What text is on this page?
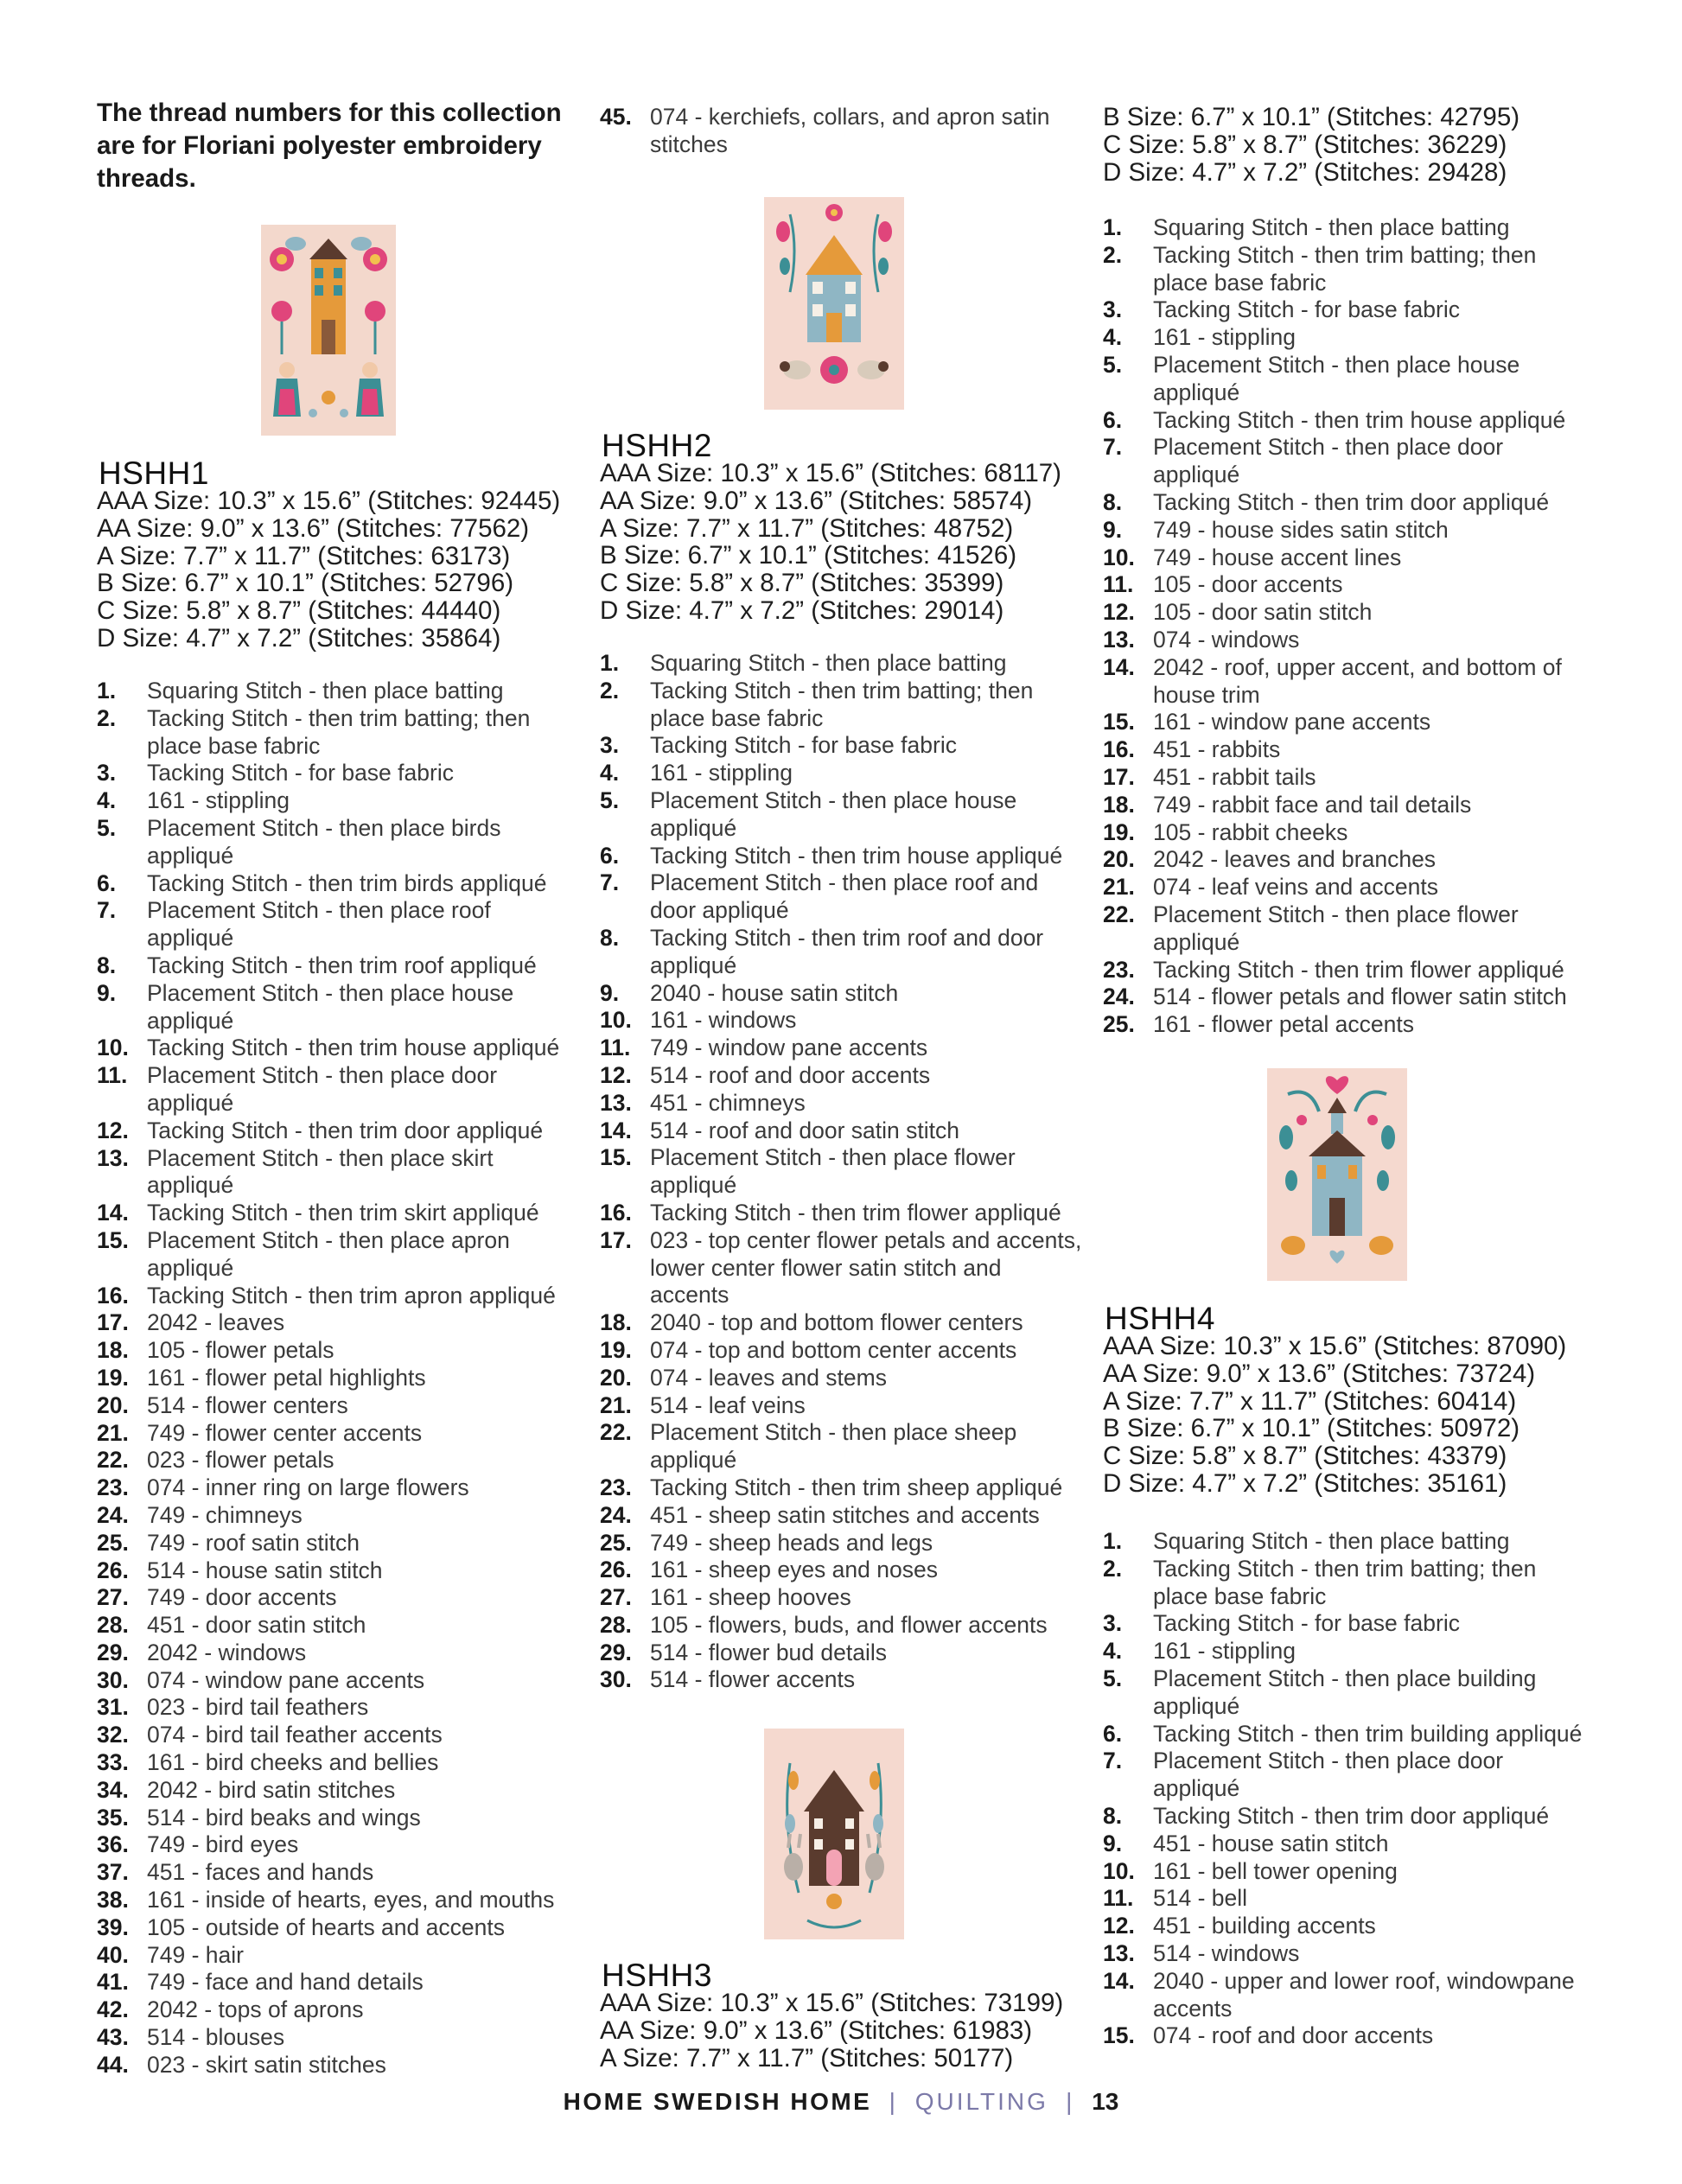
The thread numbers for this collection are for Floriani polyester embroidery threads.
HSHH1
AAA Size: 10.3” x 15.6” (Stitches: 92445)
AA Size: 9.0” x 13.6” (Stitches: 77562)
A Size: 7.7” x 11.7” (Stitches: 63173)
B Size: 6.7” x 10.1” (Stitches: 52796)
C Size: 5.8” x 8.7” (Stitches: 44440)
D Size: 4.7” x 7.2” (Stitches: 35864)
1. Squaring Stitch - then place batting
2. Tacking Stitch - then trim batting; then place base fabric
3. Tacking Stitch - for base fabric
4. 161 - stippling
5. Placement Stitch - then place birds appliqué
6. Tacking Stitch - then trim birds appliqué
7. Placement Stitch - then place roof appliqué
8. Tacking Stitch - then trim roof appliqué
9. Placement Stitch - then place house appliqué
10. Tacking Stitch - then trim house appliqué
11. Placement Stitch - then place door appliqué
12. Tacking Stitch - then trim door appliqué
13. Placement Stitch - then place skirt appliqué
14. Tacking Stitch - then trim skirt appliqué
15. Placement Stitch - then place apron appliqué
16. Tacking Stitch - then trim apron appliqué
17. 2042 - leaves
18. 105 - flower petals
19. 161 - flower petal highlights
20. 514 - flower centers
21. 749 - flower center accents
22. 023 - flower petals
23. 074 - inner ring on large flowers
24. 749 - chimneys
25. 749 - roof satin stitch
26. 514 - house satin stitch
27. 749 - door accents
28. 451 - door satin stitch
29. 2042 - windows
30. 074 - window pane accents
31. 023 - bird tail feathers
32. 074 - bird tail feather accents
33. 161 - bird cheeks and bellies
34. 2042 - bird satin stitches
35. 514 - bird beaks and wings
36. 749 - bird eyes
37. 451 - faces and hands
38. 161 - inside of hearts, eyes, and mouths
39. 105 - outside of hearts and accents
40. 749 - hair
41. 749 - face and hand details
42. 2042 - tops of aprons
43. 514 - blouses
44. 023 - skirt satin stitches
45. 074 - kerchiefs, collars, and apron satin stitches
HSHH2
AAA Size: 10.3” x 15.6” (Stitches: 68117)
AA Size: 9.0” x 13.6” (Stitches: 58574)
A Size: 7.7” x 11.7” (Stitches: 48752)
B Size: 6.7” x 10.1” (Stitches: 41526)
C Size: 5.8” x 8.7” (Stitches: 35399)
D Size: 4.7” x 7.2” (Stitches: 29014)
1. Squaring Stitch - then place batting
2. Tacking Stitch - then trim batting; then place base fabric
3. Tacking Stitch - for base fabric
4. 161 - stippling
5. Placement Stitch - then place house appliqué
6. Tacking Stitch - then trim house appliqué
7. Placement Stitch - then place roof and door appliqué
8. Tacking Stitch - then trim roof and door appliqué
9. 2040 - house satin stitch
10. 161 - windows
11. 749 - window pane accents
12. 514 - roof and door accents
13. 451 - chimneys
14. 514 - roof and door satin stitch
15. Placement Stitch - then place flower appliqué
16. Tacking Stitch - then trim flower appliqué
17. 023 - top center flower petals and accents, lower center flower satin stitch and accents
18. 2040 - top and bottom flower centers
19. 074 - top and bottom center accents
20. 074 - leaves and stems
21. 514 - leaf veins
22. Placement Stitch - then place sheep appliqué
23. Tacking Stitch - then trim sheep appliqué
24. 451 - sheep satin stitches and accents
25. 749 - sheep heads and legs
26. 161 - sheep eyes and noses
27. 161 - sheep hooves
28. 105 - flowers, buds, and flower accents
29. 514 - flower bud details
30. 514 - flower accents
HSHH3
AAA Size: 10.3” x 15.6” (Stitches: 73199)
AA Size: 9.0” x 13.6” (Stitches: 61983)
A Size: 7.7” x 11.7” (Stitches: 50177)
B Size: 6.7” x 10.1” (Stitches: 42795)
C Size: 5.8” x 8.7” (Stitches: 36229)
D Size: 4.7” x 7.2” (Stitches: 29428)
1. Squaring Stitch - then place batting
2. Tacking Stitch - then trim batting; then place base fabric
3. Tacking Stitch - for base fabric
4. 161 - stippling
5. Placement Stitch - then place house appliqué
6. Tacking Stitch - then trim house appliqué
7. Placement Stitch - then place door appliqué
8. Tacking Stitch - then trim door appliqué
9. 749 - house sides satin stitch
10. 749 - house accent lines
11. 105 - door accents
12. 105 - door satin stitch
13. 074 - windows
14. 2042 - roof, upper accent, and bottom of house trim
15. 161 - window pane accents
16. 451 - rabbits
17. 451 - rabbit tails
18. 749 - rabbit face and tail details
19. 105 - rabbit cheeks
20. 2042 - leaves and branches
21. 074 - leaf veins and accents
22. Placement Stitch - then place flower appliqué
23. Tacking Stitch - then trim flower appliqué
24. 514 - flower petals and flower satin stitch
25. 161 - flower petal accents
HSHH4
AAA Size: 10.3” x 15.6” (Stitches: 87090)
AA Size: 9.0” x 13.6” (Stitches: 73724)
A Size: 7.7” x 11.7” (Stitches: 60414)
B Size: 6.7” x 10.1” (Stitches: 50972)
C Size: 5.8” x 8.7” (Stitches: 43379)
D Size: 4.7” x 7.2” (Stitches: 35161)
1. Squaring Stitch - then place batting
2. Tacking Stitch - then trim batting; then place base fabric
3. Tacking Stitch - for base fabric
4. 161 - stippling
5. Placement Stitch - then place building appliqué
6. Tacking Stitch - then trim building appliqué
7. Placement Stitch - then place door appliqué
8. Tacking Stitch - then trim door appliqué
9. 451 - house satin stitch
10. 161 - bell tower opening
11. 514 - bell
12. 451 - building accents
13. 514 - windows
14. 2040 - upper and lower roof, windowpane accents
15. 074 - roof and door accents
HOME SWEDISH HOME | QUILTING | 13
